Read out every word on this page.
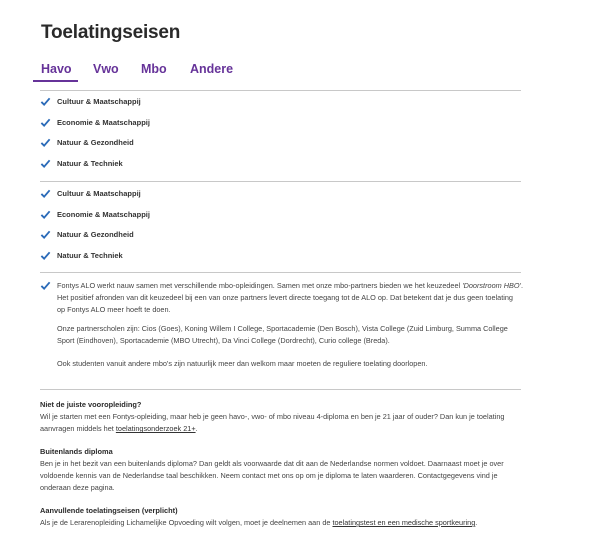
Toelatingseisen
Havo Vwo Mbo Andere
Cultuur & Maatschappij
Economie & Maatschappij
Natuur & Gezondheid
Natuur & Techniek
Cultuur & Maatschappij
Economie & Maatschappij
Natuur & Gezondheid
Natuur & Techniek

Fontys ALO werkt nauw samen met verschillende mbo-opleidingen. Samen met onze mbo-partners bieden we het keuzedeel 'Doorstroom HBO'. Het positief afronden van dit keuzedeel bij een van onze partners levert directe toegang tot de ALO op. Dat betekent dat je dus geen toelating op Fontys ALO meer hoeft te doen.

Onze partnerscholen zijn: Cios (Goes), Koning Willem I College, Sportacademie (Den Bosch), Vista College (Zuid Limburg, Summa College Sport (Eindhoven), Sportacademie (MBO Utrecht), Da Vinci College (Dordrecht), Curio college (Breda).

Ook studenten vanuit andere mbo's zijn natuurlijk meer dan welkom maar moeten de reguliere toelating doorlopen.

Niet de juiste vooropleiding?

Wil je starten met een Fontys-opleiding, maar heb je geen havo-, vwo- of mbo niveau 4-diploma en ben je 21 jaar of ouder? Dan kun je toelating aanvragen middels het toelatingsonderzoek 21+.

Buitenlands diploma

Ben je in het bezit van een buitenlands diploma? Dan geldt als voorwaarde dat dit aan de Nederlandse normen voldoet. Daarnaast moet je over voldoende kennis van de Nederlandse taal beschikken. Neem contact met ons op om je diploma te laten waarderen. Contactgegevens vind je onderaan deze pagina.

Aanvullende toelatingseisen (verplicht)

Als je de Lerarenopleiding Lichamelijke Opvoeding wilt volgen, moet je deelnemen aan de toelatingstest en een medische sportkeuring.
